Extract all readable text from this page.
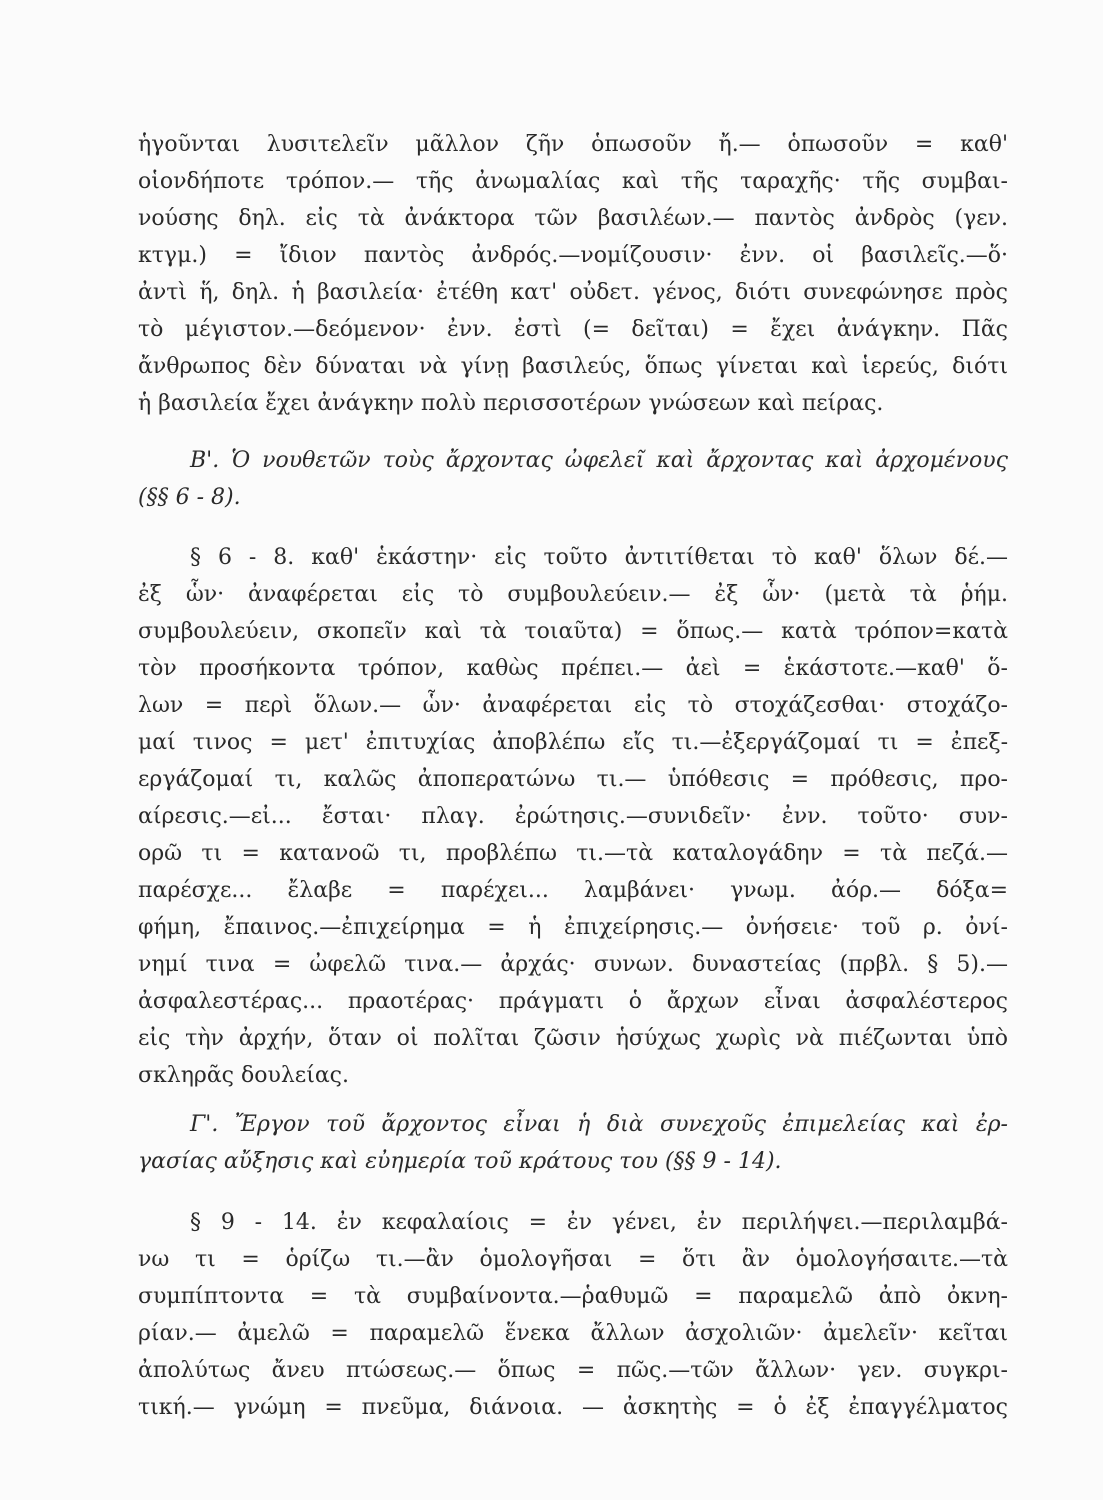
ἡγοῦνται λυσιτελεῖν μᾶλλον ζῆν ὁπωσοῦν ἤ.— ὁπωσοῦν = καθ'
οἱονδήποτε τρόπον.— τῆς ἀνωμαλίας καὶ τῆς ταραχῆς· τῆς συμβαι-
νούσης δηλ. εἰς τὰ ἀνάκτορα τῶν βασιλέων.— παντὸς ἀνδρὸς (γεν.
κτγμ.) = ἴδιον παντὸς ἀνδρός.—νομίζουσιν· ἐνν. οἱ βασιλεῖς.—ὅ·
ἀντὶ ἥ, δηλ. ἡ βασιλεία· ἐτέθη κατ' οὐδετ. γένος, διότι συνεφώνησε πρὸς
τὸ μέγιστον.—δεόμενον· ἐνν. ἐστὶ (= δεῖται) = ἔχει ἀνάγκην. Πᾶς
ἄνθρωπος δὲν δύναται νὰ γίνῃ βασιλεύς, ὅπως γίνεται καὶ ἱερεύς, διότι
ἡ βασιλεία ἔχει ἀνάγκην πολὺ περισσοτέρων γνώσεων καὶ πείρας.
Β'. Ὁ νουθετῶν τοὺς ἄρχοντας ὠφελεῖ καὶ ἄρχοντας καὶ ἀρχομένους
(§§ 6 - 8).
§ 6 - 8. καθ' ἑκάστην· εἰς τοῦτο ἀντιτίθεται τὸ καθ' ὅλων δέ.—
ἐξ ὧν· ἀναφέρεται εἰς τὸ συμβουλεύειν.— ἐξ ὧν· (μετὰ τὰ ῥήμ.
συμβουλεύειν, σκοπεῖν καὶ τὰ τοιαῦτα) = ὅπως.— κατὰ τρόπον=κατὰ
τὸν προσήκοντα τρόπον, καθὼς πρέπει.— ἀεὶ = ἑκάστοτε.—καθ' ὅ-
λων = περὶ ὅλων.— ὧν· ἀναφέρεται εἰς τὸ στοχάζεσθαι· στοχάζο-
μαί τινος = μετ' ἐπιτυχίας ἀποβλέπω εἴς τι.—ἐξεργάζομαί τι = ἐπεξ-
εργάζομαί τι, καλῶς ἀποπερατώνω τι.— ὑπόθεσις = πρόθεσις, προ-
αίρεσις.—εἰ... ἔσται· πλαγ. ἐρώτησις.—συνιδεῖν· ἐνν. τοῦτο· συν-
ορῶ τι = κατανοῶ τι, προβλέπω τι.—τὰ καταλογάδην = τὰ πεζά.—
παρέσχε... ἔλαβε = παρέχει... λαμβάνει· γνωμ. ἀόρ.— δόξα=
φήμη, ἔπαινος.—ἐπιχείρημα = ἡ ἐπιχείρησις.— ὀνήσειε· τοῦ ρ. ὀνί-
νημί τινα = ὠφελῶ τινα.— ἀρχάς· συνων. δυναστείας (πρβλ. § 5).—
ἀσφαλεστέρας... πραοτέρας· πράγματι ὁ ἄρχων εἶναι ἀσφαλέστερος
εἰς τὴν ἀρχήν, ὅταν οἱ πολῖται ζῶσιν ἡσύχως χωρὶς νὰ πιέζωνται ὑπὸ
σκληρᾶς δουλείας.
Γ'. Ἔργον τοῦ ἄρχοντος εἶναι ἡ διὰ συνεχοῦς ἐπιμελείας καὶ ἐρ-
γασίας αὔξησις καὶ εὐημερία τοῦ κράτους του (§§ 9 - 14).
§ 9 - 14. ἐν κεφαλαίοις = ἐν γένει, ἐν περιλήψει.—περιλαμβά-
νω τι = ὁρίζω τι.—ἂν ὁμολογῆσαι = ὅτι ἂν ὁμολογήσαιτε.—τὰ
συμπίπτοντα = τὰ συμβαίνοντα.—ῥαθυμῶ = παραμελῶ ἀπὸ ὀκνη-
ρίαν.— ἀμελῶ = παραμελῶ ἕνεκα ἄλλων ἀσχολιῶν· ἀμελεῖν· κεῖται
ἀπολύτως ἄνευ πτώσεως.— ὅπως = πῶς.—τῶν ἄλλων· γεν. συγκρι-
τική.— γνώμη = πνεῦμα, διάνοια. — ἀσκητὴς = ὁ ἐξ ἐπαγγέλματος
